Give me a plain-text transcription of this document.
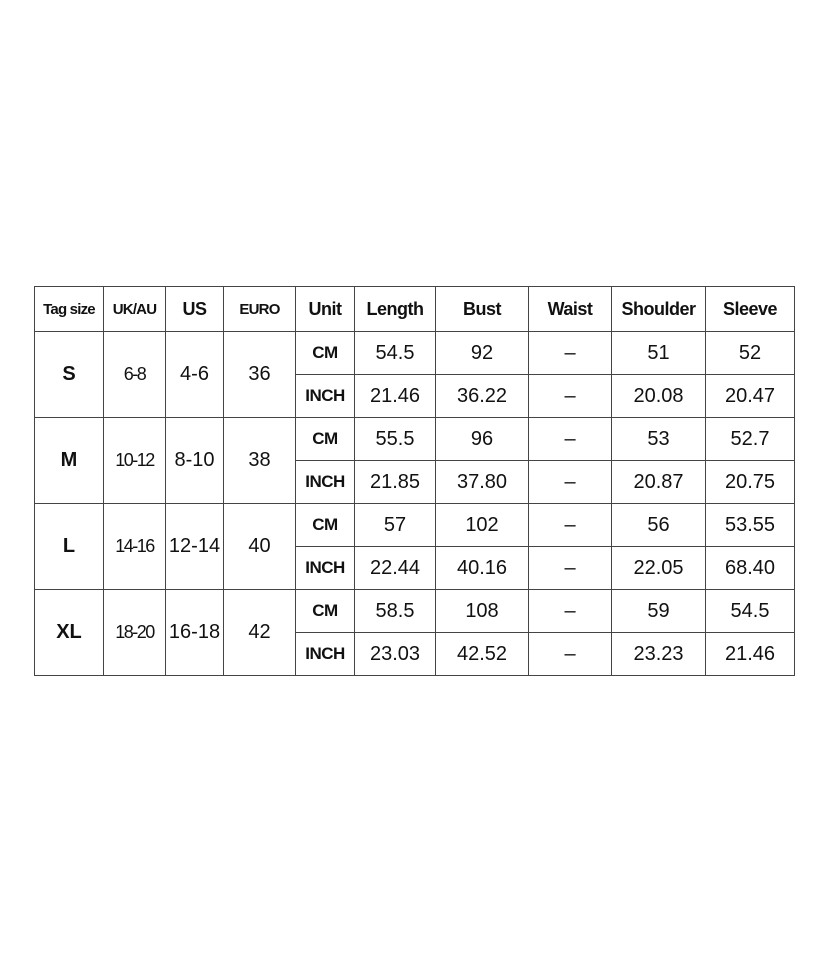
Tag size	UK/AU	US	EURO	Unit	Length	Bust	Waist	Shoulder	Sleeve
S	6-8	4-6	36	CM	54.5	92	–	51	52
				INCH	21.46	36.22	–	20.08	20.47
M	10-12	8-10	38	CM	55.5	96	–	53	52.7
				INCH	21.85	37.80	–	20.87	20.75
L	14-16	12-14	40	CM	57	102	–	56	53.55
				INCH	22.44	40.16	–	22.05	68.40
XL	18-20	16-18	42	CM	58.5	108	–	59	54.5
				INCH	23.03	42.52	–	23.23	21.46
